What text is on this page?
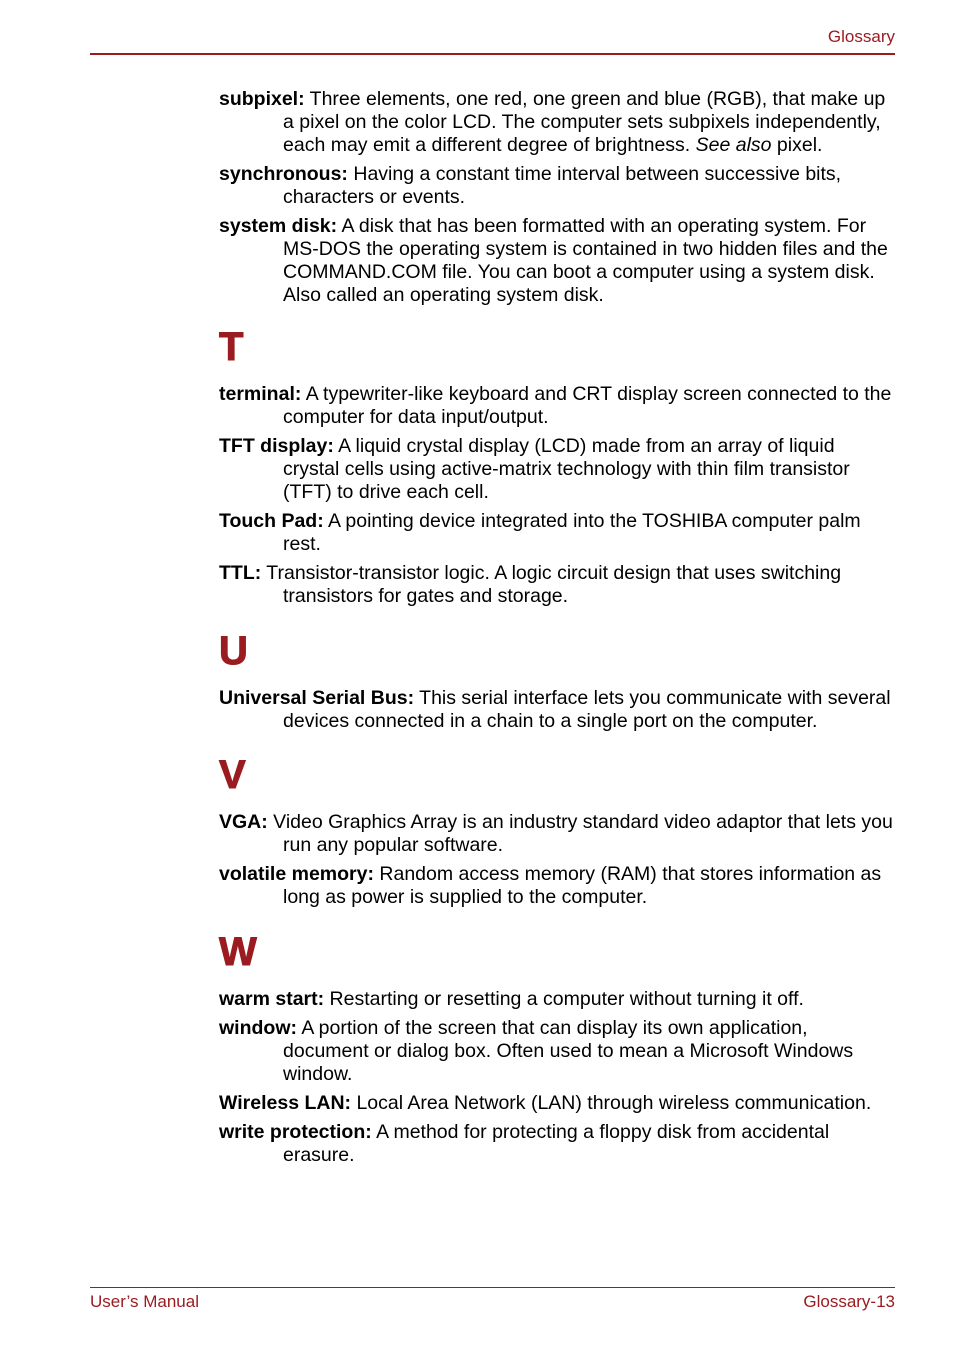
Glossary

subpixel: Three elements, one red, one green and blue (RGB), that make up a pixel on the color LCD. The computer sets subpixels independently, each may emit a different degree of brightness. See also pixel.

synchronous: Having a constant time interval between successive bits, characters or events.

system disk: A disk that has been formatted with an operating system. For MS-DOS the operating system is contained in two hidden files and the COMMAND.COM file. You can boot a computer using a system disk. Also called an operating system disk.

T

terminal: A typewriter-like keyboard and CRT display screen connected to the computer for data input/output.

TFT display: A liquid crystal display (LCD) made from an array of liquid crystal cells using active-matrix technology with thin film transistor (TFT) to drive each cell.

Touch Pad: A pointing device integrated into the TOSHIBA computer palm rest.

TTL: Transistor-transistor logic. A logic circuit design that uses switching transistors for gates and storage.

U

Universal Serial Bus: This serial interface lets you communicate with several devices connected in a chain to a single port on the computer.

V

VGA: Video Graphics Array is an industry standard video adaptor that lets you run any popular software.

volatile memory: Random access memory (RAM) that stores information as long as power is supplied to the computer.

W

warm start: Restarting or resetting a computer without turning it off.

window: A portion of the screen that can display its own application, document or dialog box. Often used to mean a Microsoft Windows window.

Wireless LAN: Local Area Network (LAN) through wireless communication.

write protection: A method for protecting a floppy disk from accidental erasure.

User’s Manual	Glossary-13
